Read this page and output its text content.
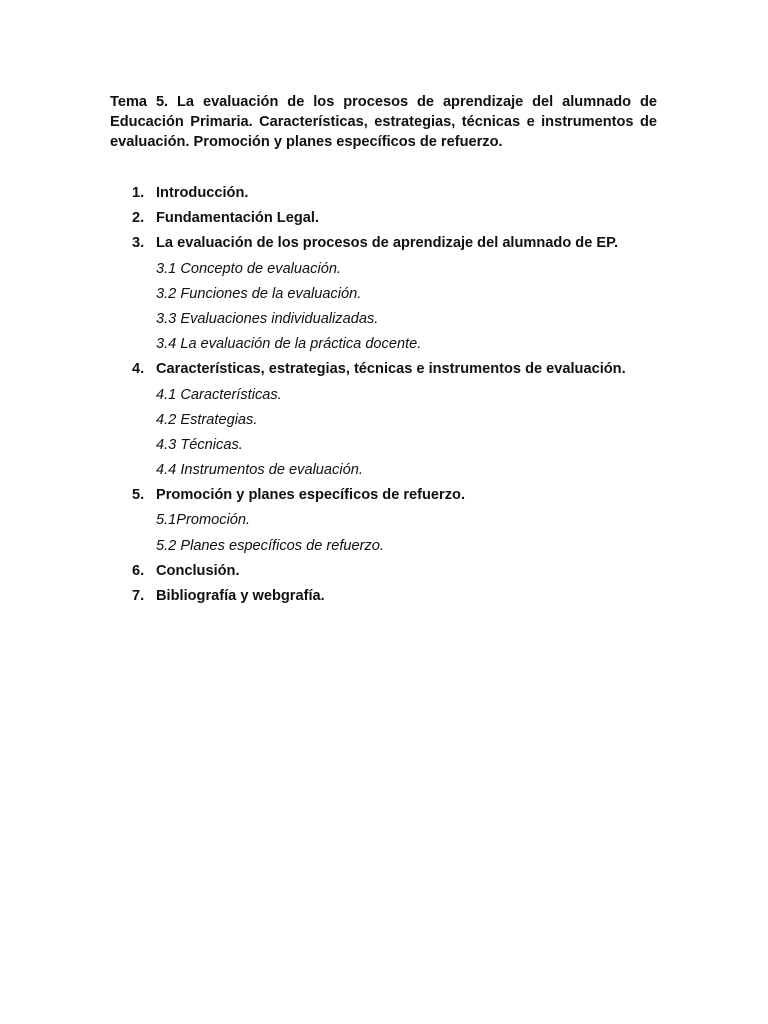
Tema 5. La evaluación de los procesos de aprendizaje del alumnado de Educación Primaria. Características, estrategias, técnicas e instrumentos de evaluación. Promoción y planes específicos de refuerzo.

1. Introducción.
2. Fundamentación Legal.
3. La evaluación de los procesos de aprendizaje del alumnado de EP.
3.1 Concepto de evaluación.
3.2 Funciones de la evaluación.
3.3 Evaluaciones individualizadas.
3.4 La evaluación de la práctica docente.
4. Características, estrategias, técnicas e instrumentos de evaluación.
4.1 Características.
4.2 Estrategias.
4.3 Técnicas.
4.4 Instrumentos de evaluación.
5. Promoción y planes específicos de refuerzo.
5.1Promoción.
5.2 Planes específicos de refuerzo.
6. Conclusión.
7. Bibliografía y webgrafía.
